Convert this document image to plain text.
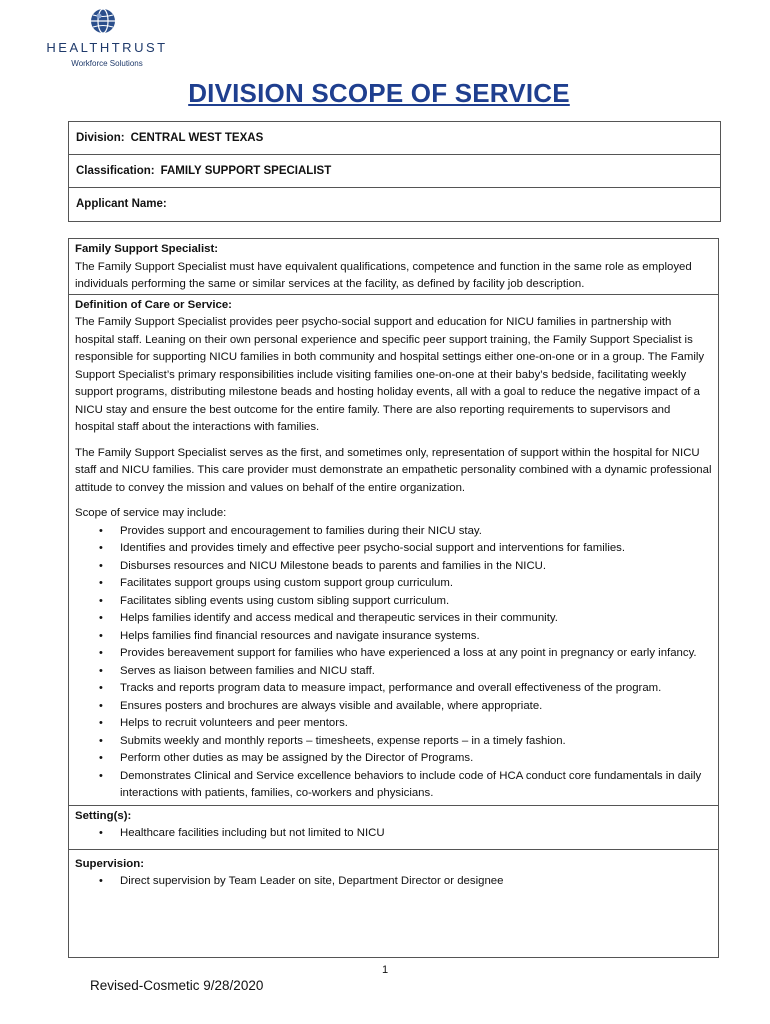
HEALTHTRUST
Workforce Solutions
DIVISION SCOPE OF SERVICE
Division: CENTRAL WEST TEXAS
Classification: FAMILY SUPPORT SPECIALIST
Applicant Name:
Family Support Specialist:

The Family Support Specialist must have equivalent qualifications, competence and function in the same role as employed individuals performing the same or similar services at the facility, as defined by facility job description.

Definition of Care or Service:

The Family Support Specialist provides peer psycho-social support and education for NICU families in partnership with hospital staff. Leaning on their own personal experience and specific peer support training, the Family Support Specialist is responsible for supporting NICU families in both community and hospital settings either one-on-one or in a group. The Family Support Specialist’s primary responsibilities include visiting families one-on-one at their baby’s bedside, facilitating weekly support programs, distributing milestone beads and hosting holiday events, all with a goal to reduce the negative impact of a NICU stay and ensure the best outcome for the entire family. There are also reporting requirements to supervisors and hospital staff about the interactions with families.

The Family Support Specialist serves as the first, and sometimes only, representation of support within the hospital for NICU staff and NICU families. This care provider must demonstrate an empathetic personality combined with a dynamic professional attitude to convey the mission and values on behalf of the entire organization.

Scope of service may include:
• Provides support and encouragement to families during their NICU stay.
• Identifies and provides timely and effective peer psycho-social support and interventions for families.
• Disburses resources and NICU Milestone beads to parents and families in the NICU.
• Facilitates support groups using custom support group curriculum.
• Facilitates sibling events using custom sibling support curriculum.
• Helps families identify and access medical and therapeutic services in their community.
• Helps families find financial resources and navigate insurance systems.
• Provides bereavement support for families who have experienced a loss at any point in pregnancy or early infancy.
• Serves as liaison between families and NICU staff.
• Tracks and reports program data to measure impact, performance and overall effectiveness of the program.
• Ensures posters and brochures are always visible and available, where appropriate.
• Helps to recruit volunteers and peer mentors.
• Submits weekly and monthly reports – timesheets, expense reports – in a timely fashion.
• Perform other duties as may be assigned by the Director of Programs.
• Demonstrates Clinical and Service excellence behaviors to include code of HCA conduct core fundamentals in daily interactions with patients, families, co-workers and physicians.
Setting(s):
• Healthcare facilities including but not limited to NICU
Supervision:
• Direct supervision by Team Leader on site, Department Director or designee
1
Revised-Cosmetic 9/28/2020
